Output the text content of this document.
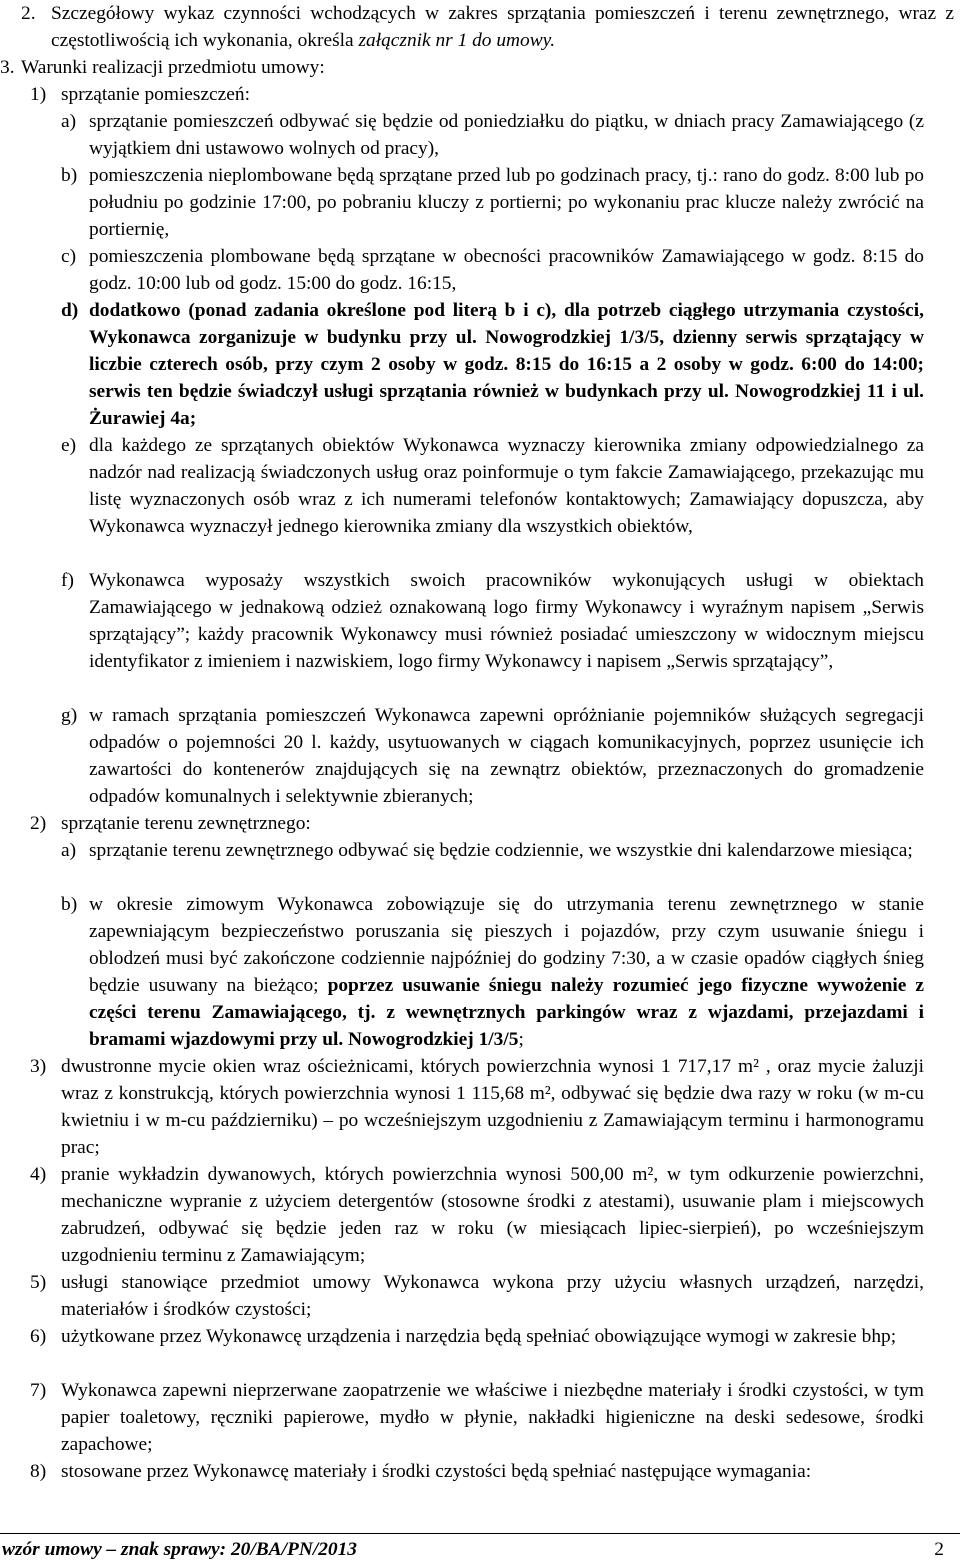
2. Szczegółowy wykaz czynności wchodzących w zakres sprzątania pomieszczeń i terenu zewnętrznego, wraz z częstotliwością ich wykonania, określa załącznik nr 1 do umowy.
3. Warunki realizacji przedmiotu umowy:
1) sprzątanie pomieszczeń:
a) sprzątanie pomieszczeń odbywać się będzie od poniedziałku do piątku, w dniach pracy Zamawiającego (z wyjątkiem dni ustawowo wolnych od pracy),
b) pomieszczenia nieplombowane będą sprzątane przed lub po godzinach pracy, tj.: rano do godz. 8:00 lub po południu po godzinie 17:00, po pobraniu kluczy z portierni; po wykonaniu prac klucze należy zwrócić na portiernię,
c) pomieszczenia plombowane będą sprzątane w obecności pracowników Zamawiającego w godz. 8:15 do godz. 10:00 lub od godz. 15:00 do godz. 16:15,
d) dodatkowo (ponad zadania określone pod literą b i c), dla potrzeb ciągłego utrzymania czystości, Wykonawca zorganizuje w budynku przy ul. Nowogrodzkiej 1/3/5, dzienny serwis sprzątający w liczbie czterech osób, przy czym 2 osoby w godz. 8:15 do 16:15 a 2 osoby w godz. 6:00 do 14:00; serwis ten będzie świadczył usługi sprzątania również w budynkach przy ul. Nowogrodzkiej 11 i ul. Żurawiej 4a;
e) dla każdego ze sprzątanych obiektów Wykonawca wyznaczy kierownika zmiany odpowiedzialnego za nadzór nad realizacją świadczonych usług oraz poinformuje o tym fakcie Zamawiającego, przekazując mu listę wyznaczonych osób wraz z ich numerami telefonów kontaktowych; Zamawiający dopuszcza, aby Wykonawca wyznaczył jednego kierownika zmiany dla wszystkich obiektów,
f) Wykonawca wyposaży wszystkich swoich pracowników wykonujących usługi w obiektach Zamawiającego w jednakową odzież oznakowaną logo firmy Wykonawcy i wyraźnym napisem „Serwis sprzątający”; każdy pracownik Wykonawcy musi również posiadać umieszczony w widocznym miejscu identyfikator z imieniem i nazwiskiem, logo firmy Wykonawcy i napisem „Serwis sprzątający”,
g) w ramach sprzątania pomieszczeń Wykonawca zapewni opróżnianie pojemników służących segregacji odpadów o pojemności 20 l. każdy, usytuowanych w ciągach komunikacyjnych, poprzez usunięcie ich zawartości do kontenerów znajdujących się na zewnątrz obiektów, przeznaczonych do gromadzenie odpadów komunalnych i selektywnie zbieranych;
2) sprzątanie terenu zewnętrznego:
a) sprzątanie terenu zewnętrznego odbywać się będzie codziennie, we wszystkie dni kalendarzowe miesiąca;
b) w okresie zimowym Wykonawca zobowiązuje się do utrzymania terenu zewnętrznego w stanie zapewniającym bezpieczeństwo poruszania się pieszych i pojazdów, przy czym usuwanie śniegu i oblodzeń musi być zakończone codziennie najpóźniej do godziny 7:30, a w czasie opadów ciągłych śnieg będzie usuwany na bieżąco; poprzez usuwanie śniegu należy rozumieć jego fizyczne wywożenie z części terenu Zamawiającego, tj. z wewnętrznych parkingów wraz z wjazdami, przejazdami i bramami wjazdowymi przy ul. Nowogrodzkiej 1/3/5;
3) dwustronne mycie okien wraz ościeżnicami, których powierzchnia wynosi 1 717,17 m² , oraz mycie żaluzji wraz z konstrukcją, których powierzchnia wynosi 1 115,68 m², odbywać się będzie dwa razy w roku (w m-cu kwietniu i w m-cu październiku) – po wcześniejszym uzgodnieniu z Zamawiającym terminu i harmonogramu prac;
4) pranie wykładzin dywanowych, których powierzchnia wynosi 500,00 m², w tym odkurzenie powierzchni, mechaniczne wypranie z użyciem detergentów (stosowne środki z atestami), usuwanie plam i miejscowych zabrudzeń, odbywać się będzie jeden raz w roku (w miesiącach lipiec-sierpień), po wcześniejszym uzgodnieniu terminu z Zamawiającym;
5) usługi stanowiące przedmiot umowy Wykonawca wykona przy użyciu własnych urządzeń, narzędzi, materiałów i środków czystości;
6) użytkowane przez Wykonawcę urządzenia i narzędzia będą spełniać obowiązujące wymogi w zakresie bhp;
7) Wykonawca zapewni nieprzerwane zaopatrzenie we właściwe i niezbędne materiały i środki czystości, w tym papier toaletowy, ręczniki papierowe, mydło w płynie, nakładki higieniczne na deski sedesowe, środki zapachowe;
8) stosowane przez Wykonawcę materiały i środki czystości będą spełniać następujące wymagania:
wzór umowy – znak sprawy: 20/BA/PN/2013	2
